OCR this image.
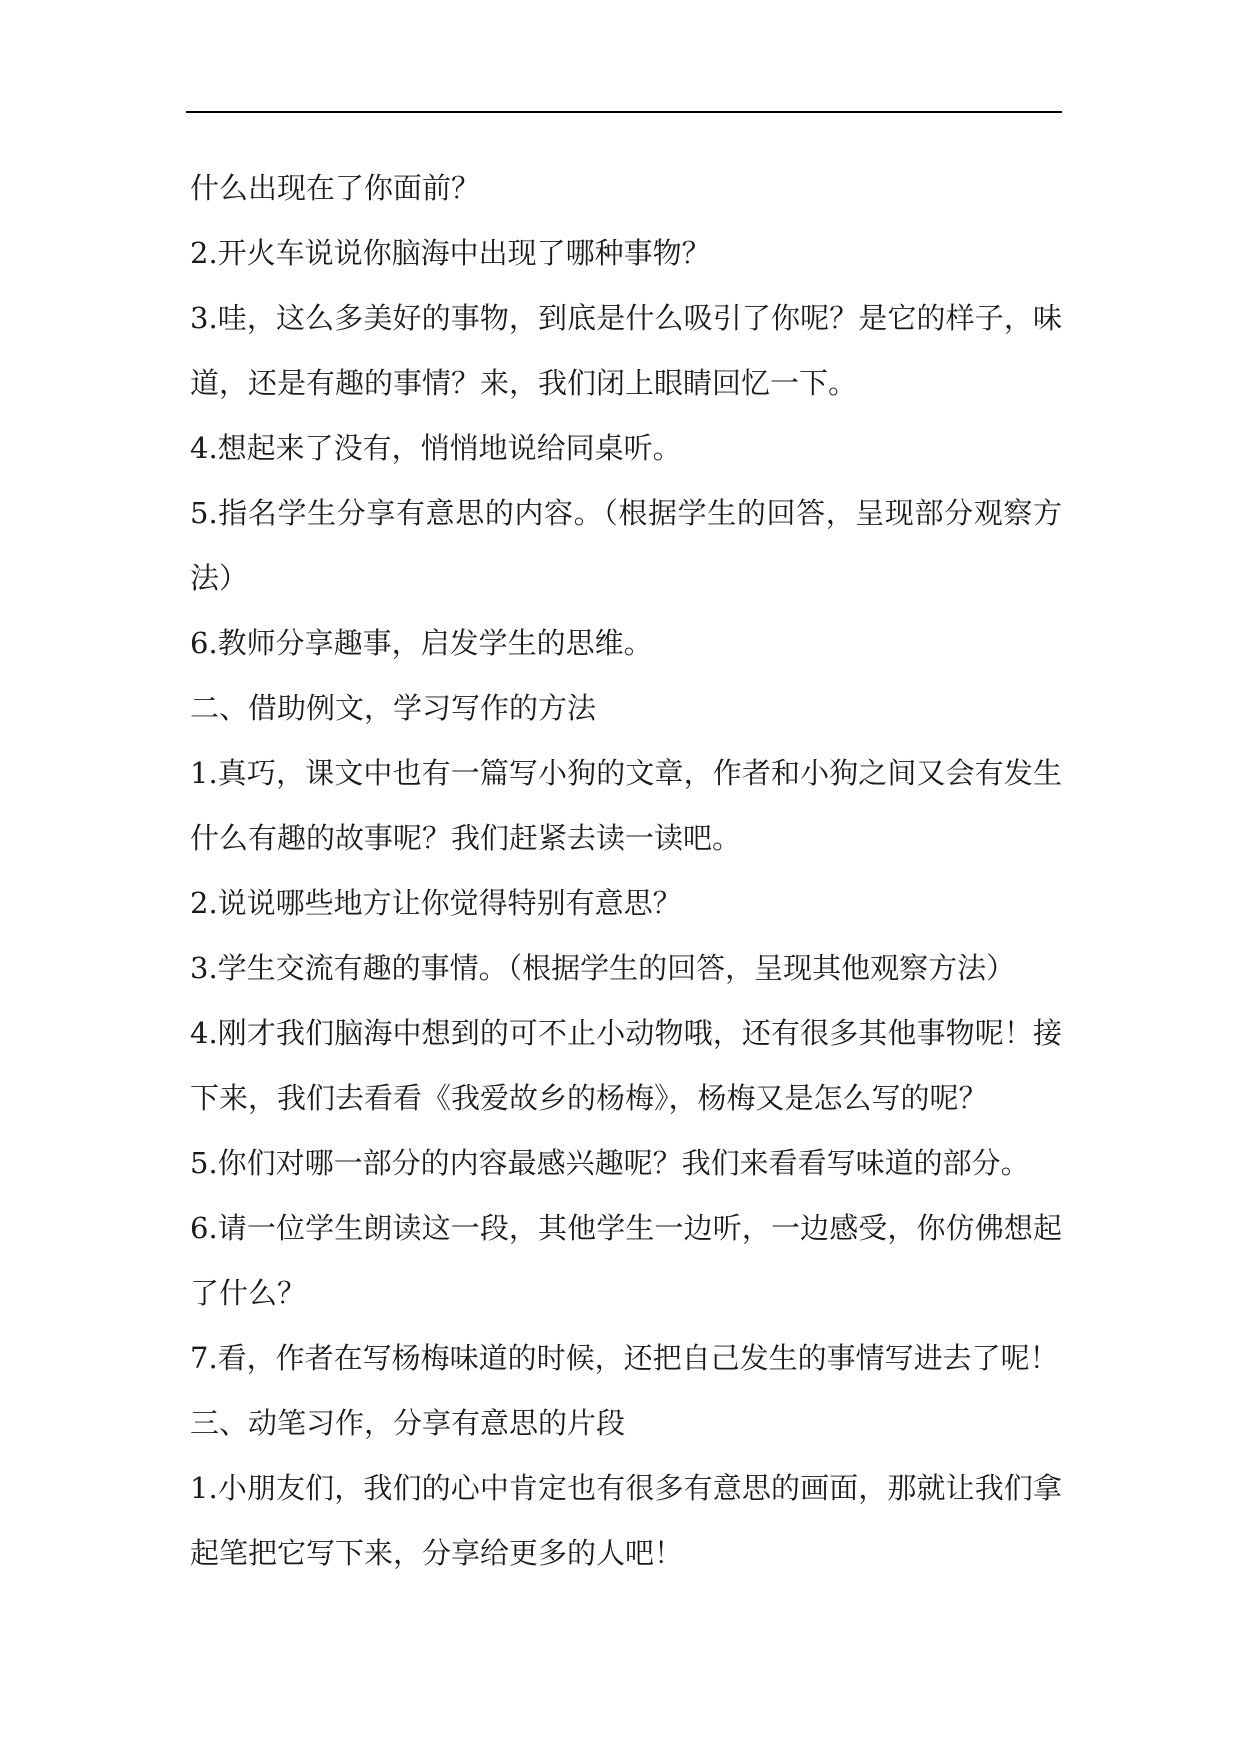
什么出现在了你面前？
2.开火车说说你脑海中出现了哪种事物？
3.哇，这么多美好的事物，到底是什么吸引了你呢？是它的样子，味
道，还是有趣的事情？来，我们闭上眼睛回忆一下。
4.想起来了没有，悄悄地说给同桌听。
5.指名学生分享有意思的内容。（根据学生的回答，呈现部分观察方
法）
6.教师分享趣事，启发学生的思维。
二、借助例文，学习写作的方法
1.真巧，课文中也有一篇写小狗的文章，作者和小狗之间又会有发生
什么有趣的故事呢？我们赶紧去读一读吧。
2.说说哪些地方让你觉得特别有意思？
3.学生交流有趣的事情。（根据学生的回答，呈现其他观察方法）
4.刚才我们脑海中想到的可不止小动物哦，还有很多其他事物呢！接
下来，我们去看看《我爱故乡的杨梅》，杨梅又是怎么写的呢？
5.你们对哪一部分的内容最感兴趣呢？我们来看看写味道的部分。
6.请一位学生朗读这一段，其他学生一边听，一边感受，你仿佛想起
了什么？
7.看，作者在写杨梅味道的时候，还把自己发生的事情写进去了呢！
三、动笔习作，分享有意思的片段
1.小朋友们，我们的心中肯定也有很多有意思的画面，那就让我们拿
起笔把它写下来，分享给更多的人吧！
